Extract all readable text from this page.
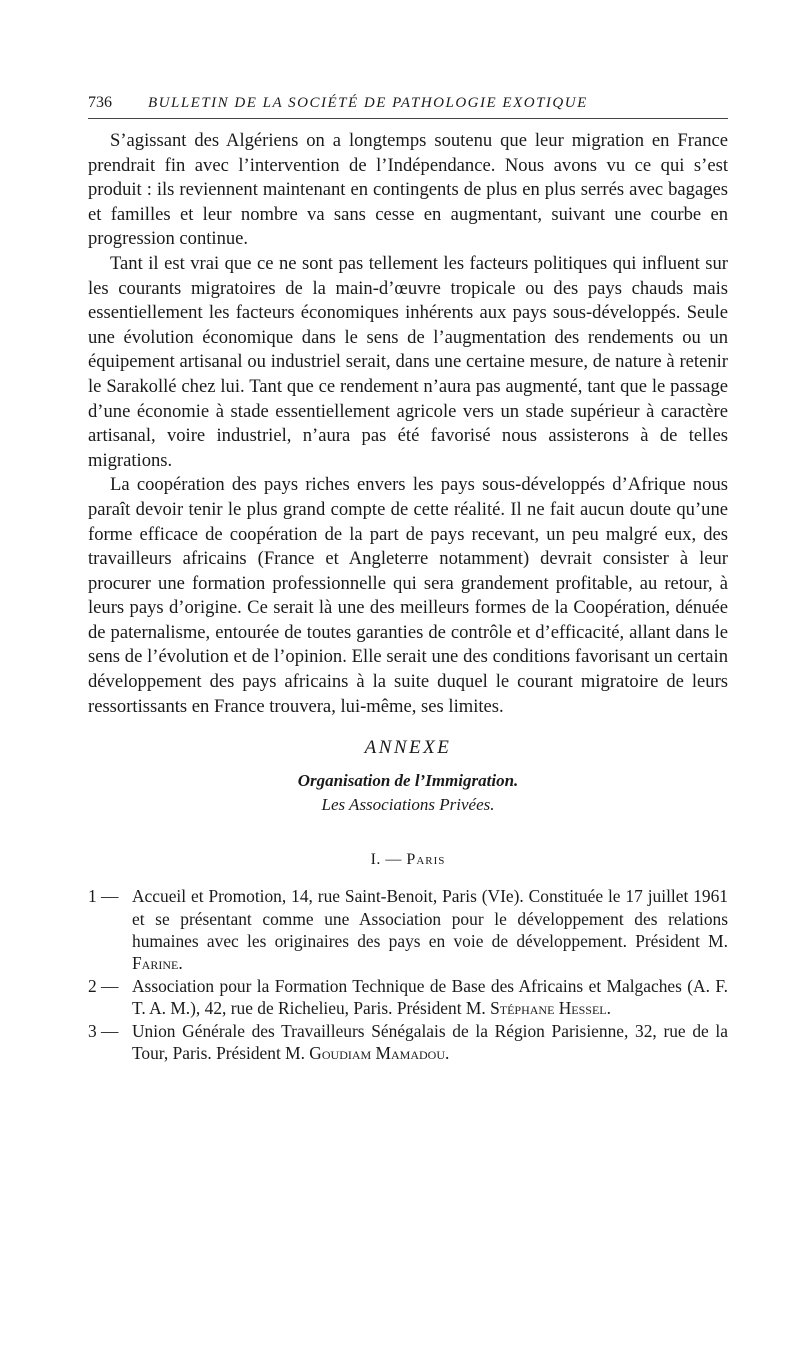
736 BULLETIN DE LA SOCIÉTÉ DE PATHOLOGIE EXOTIQUE

S’agissant des Algériens on a longtemps soutenu que leur migration en France prendrait fin avec l’intervention de l’Indépendance. Nous avons vu ce qui s’est produit : ils reviennent maintenant en contingents de plus en plus serrés avec bagages et familles et leur nombre va sans cesse en augmentant, suivant une courbe en progression continue.

Tant il est vrai que ce ne sont pas tellement les facteurs politiques qui influent sur les courants migratoires de la main-d’œuvre tropicale ou des pays chauds mais essentiellement les facteurs économiques inhérents aux pays sous-développés. Seule une évolution économique dans le sens de l’augmentation des rendements ou un équipement artisanal ou industriel serait, dans une certaine mesure, de nature à retenir le Sarakollé chez lui. Tant que ce rendement n’aura pas augmenté, tant que le passage d’une économie à stade essentiellement agricole vers un stade supérieur à caractère artisanal, voire industriel, n’aura pas été favorisé nous assisterons à de telles migrations.

La coopération des pays riches envers les pays sous-développés d’Afrique nous paraît devoir tenir le plus grand compte de cette réalité. Il ne fait aucun doute qu’une forme efficace de coopération de la part de pays recevant, un peu malgré eux, des travailleurs africains (France et Angleterre notamment) devrait consister à leur procurer une formation professionnelle qui sera grandement profitable, au retour, à leurs pays d’origine. Ce serait là une des meilleurs formes de la Coopération, dénuée de paternalisme, entourée de toutes garanties de contrôle et d’efficacité, allant dans le sens de l’évolution et de l’opinion. Elle serait une des conditions favorisant un certain développement des pays africains à la suite duquel le courant migratoire de leurs ressortissants en France trouvera, lui-même, ses limites.

ANNEXE
Organisation de l’Immigration.
Les Associations Privées.
I. — Paris
1 — Accueil et Promotion, 14, rue Saint-Benoit, Paris (VIe). Constituée le 17 juillet 1961 et se présentant comme une Association pour le développement des relations humaines avec les originaires des pays en voie de développement. Président M. Farine.
2 — Association pour la Formation Technique de Base des Africains et Malgaches (A. F. T. A. M.), 42, rue de Richelieu, Paris. Président M. Stéphane Hessel.
3 — Union Générale des Travailleurs Sénégalais de la Région Parisienne, 32, rue de la Tour, Paris. Président M. Goudiam Mamadou.
